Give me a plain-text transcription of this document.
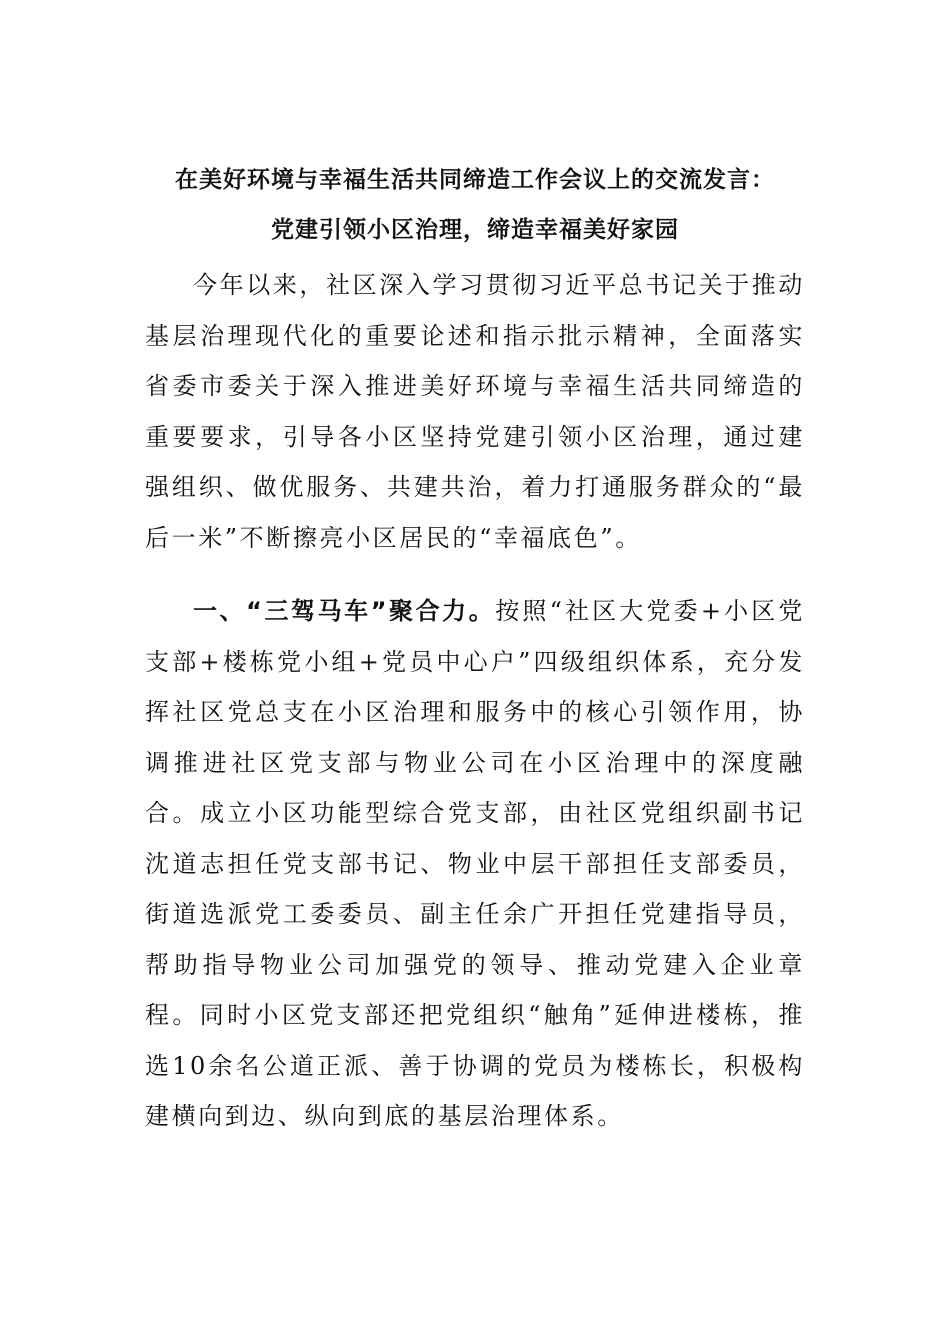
在美好环境与幸福生活共同缔造工作会议上的交流发言：
党建引领小区治理，缔造幸福美好家园

今年以来，社区深入学习贯彻习近平总书记关于推动基层治理现代化的重要论述和指示批示精神，全面落实省委市委关于深入推进美好环境与幸福生活共同缔造的重要要求，引导各小区坚持党建引领小区治理，通过建强组织、做优服务、共建共治，着力打通服务群众的“最后一米”不断擦亮小区居民的“幸福底色”。

一、“三驾马车”聚合力。按照“社区大党委+小区党支部+楼栋党小组+党员中心户”四级组织体系，充分发挥社区党总支在小区治理和服务中的核心引领作用，协调推进社区党支部与物业公司在小区治理中的深度融合。成立小区功能型综合党支部，由社区党组织副书记沈道志担任党支部书记、物业中层干部担任支部委员，街道选派党工委委员、副主任余广开担任党建指导员，帮助指导物业公司加强党的领导、推动党建入企业章程。同时小区党支部还把党组织“触角”延伸进楼栋，推选10余名公道正派、善于协调的党员为楼栋长，积极构建横向到边、纵向到底的基层治理体系。
